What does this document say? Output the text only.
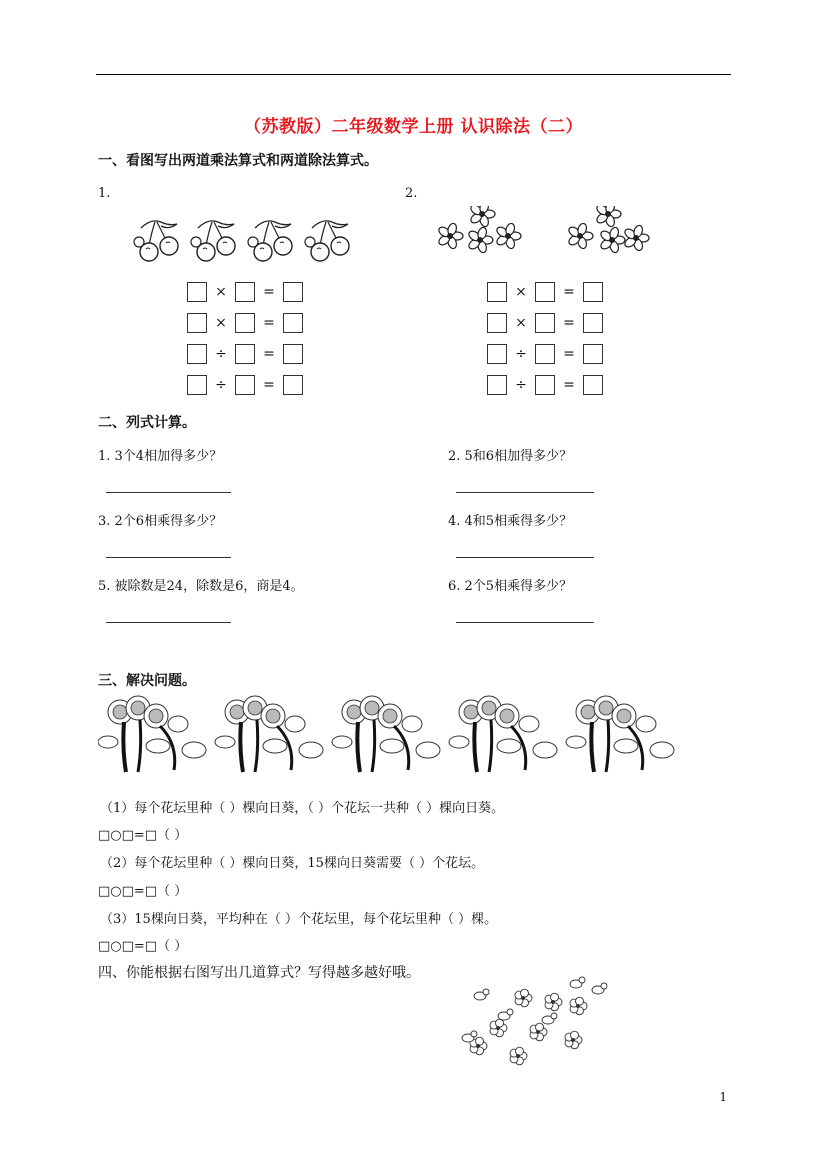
（苏教版）二年级数学上册 认识除法（二）
一、看图写出两道乘法算式和两道除法算式。
1.	2.
×	=
×	=
÷	=
÷	=
×	=
×	=
÷	=
÷	=
二、列式计算。
1. 3个4相加得多少？	2. 5和6相加得多少？
3. 2个6相乘得多少？	4. 4和5相乘得多少？
5. 被除数是24，除数是6，商是4。	6. 2个5相乘得多少？
三、解决问题。
（1）每个花坛里种（ ）棵向日葵，（ ）个花坛一共种（ ）棵向日葵。
□○□=□（ ）
（2）每个花坛里种（ ）棵向日葵，15棵向日葵需要（ ）个花坛。
□○□=□（ ）
（3）15棵向日葵，平均种在（ ）个花坛里，每个花坛里种（ ）棵。
□○□=□（ ）
四、你能根据右图写出几道算式？写得越多越好哦。
1
